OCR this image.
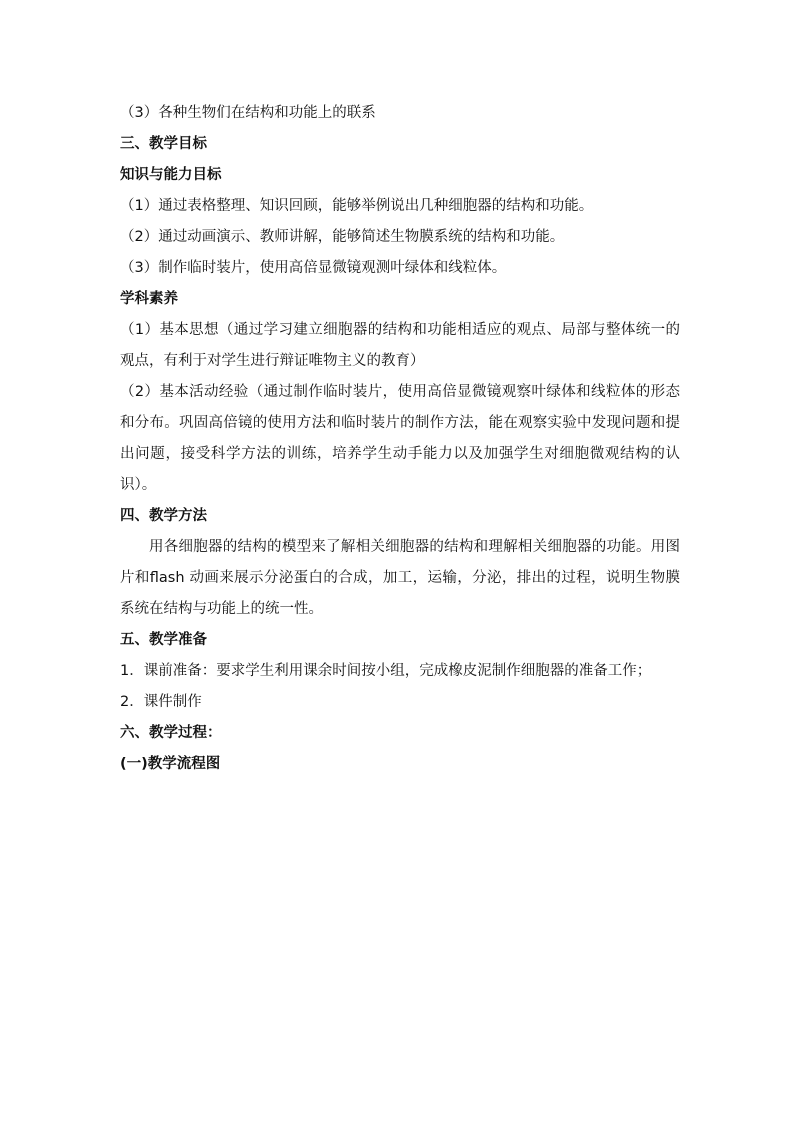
（3）各种生物们在结构和功能上的联系
三、教学目标
知识与能力目标
（1）通过表格整理、知识回顾，能够举例说出几种细胞器的结构和功能。
（2）通过动画演示、教师讲解，能够简述生物膜系统的结构和功能。
（3）制作临时装片，使用高倍显微镜观测叶绿体和线粒体。
学科素养
（1）基本思想（通过学习建立细胞器的结构和功能相适应的观点、局部与整体统一的观点，有利于对学生进行辩证唯物主义的教育）
（2）基本活动经验（通过制作临时装片，使用高倍显微镜观察叶绿体和线粒体的形态和分布。巩固高倍镜的使用方法和临时装片的制作方法，能在观察实验中发现问题和提出问题，接受科学方法的训练，培养学生动手能力以及加强学生对细胞微观结构的认识）。
四、教学方法
用各细胞器的结构的模型来了解相关细胞器的结构和理解相关细胞器的功能。用图片和flash 动画来展示分泌蛋白的合成，加工，运输，分泌，排出的过程，说明生物膜系统在结构与功能上的统一性。
五、教学准备
1．课前准备：要求学生利用课余时间按小组，完成橡皮泥制作细胞器的准备工作；
2．课件制作
六、教学过程：
(一)教学流程图
